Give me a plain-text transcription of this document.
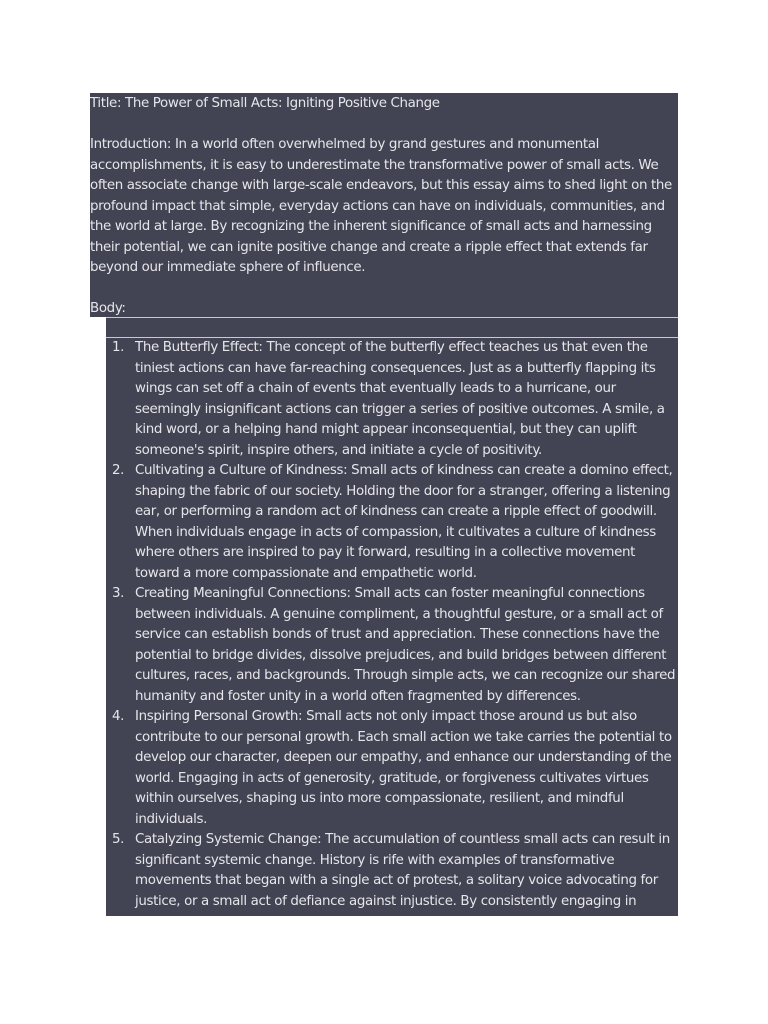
Title: The Power of Small Acts: Igniting Positive Change

Introduction: In a world often overwhelmed by grand gestures and monumental accomplishments, it is easy to underestimate the transformative power of small acts. We often associate change with large-scale endeavors, but this essay aims to shed light on the profound impact that simple, everyday actions can have on individuals, communities, and the world at large. By recognizing the inherent significance of small acts and harnessing their potential, we can ignite positive change and create a ripple effect that extends far beyond our immediate sphere of influence.

Body:

1. The Butterfly Effect: The concept of the butterfly effect teaches us that even the tiniest actions can have far-reaching consequences. Just as a butterfly flapping its wings can set off a chain of events that eventually leads to a hurricane, our seemingly insignificant actions can trigger a series of positive outcomes. A smile, a kind word, or a helping hand might appear inconsequential, but they can uplift someone's spirit, inspire others, and initiate a cycle of positivity.
2. Cultivating a Culture of Kindness: Small acts of kindness can create a domino effect, shaping the fabric of our society. Holding the door for a stranger, offering a listening ear, or performing a random act of kindness can create a ripple effect of goodwill. When individuals engage in acts of compassion, it cultivates a culture of kindness where others are inspired to pay it forward, resulting in a collective movement toward a more compassionate and empathetic world.
3. Creating Meaningful Connections: Small acts can foster meaningful connections between individuals. A genuine compliment, a thoughtful gesture, or a small act of service can establish bonds of trust and appreciation. These connections have the potential to bridge divides, dissolve prejudices, and build bridges between different cultures, races, and backgrounds. Through simple acts, we can recognize our shared humanity and foster unity in a world often fragmented by differences.
4. Inspiring Personal Growth: Small acts not only impact those around us but also contribute to our personal growth. Each small action we take carries the potential to develop our character, deepen our empathy, and enhance our understanding of the world. Engaging in acts of generosity, gratitude, or forgiveness cultivates virtues within ourselves, shaping us into more compassionate, resilient, and mindful individuals.
5. Catalyzing Systemic Change: The accumulation of countless small acts can result in significant systemic change. History is rife with examples of transformative movements that began with a single act of protest, a solitary voice advocating for justice, or a small act of defiance against injustice. By consistently engaging in
